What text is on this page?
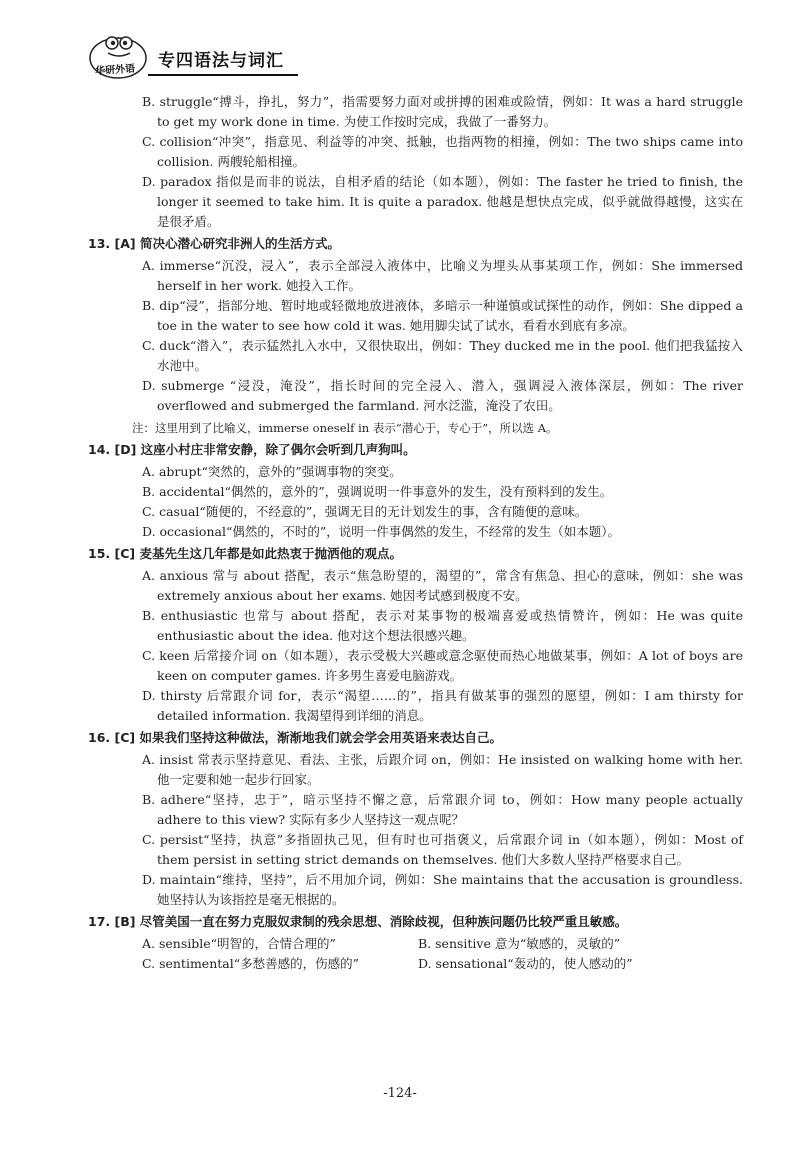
华研外语 专四语法与词汇

B. struggle“搏斗，挣扎，努力”，指需要努力面对或拼搏的困难或险情，例如：It was a hard struggle to get my work done in time. 为使工作按时完成，我做了一番努力。

C. collision“冲突”，指意见、利益等的冲突、抵触，也指两物的相撞，例如：The two ships came into collision. 两艘轮船相撞。

D. paradox 指似是而非的说法，自相矛盾的结论（如本题），例如：The faster he tried to finish, the longer it seemed to take him. It is quite a paradox. 他越是想快点完成，似乎就做得越慢，这实在是很矛盾。

13. [A] 简决心潜心研究非洲人的生活方式。

A. immerse“沉没，浸入”，表示全部浸入液体中，比喻义为埋头从事某项工作，例如：She immersed herself in her work. 她投入工作。

B. dip“浸”，指部分地、暂时地或轻微地放进液体，多暗示一种谨慎或试探性的动作，例如：She dipped a toe in the water to see how cold it was. 她用脚尖试了试水，看看水到底有多凉。

C. duck“潜入”，表示猛然扎入水中，又很快取出，例如：They ducked me in the pool. 他们把我猛按入水池中。

D. submerge “浸没，淹没”，指长时间的完全浸入、潜入，强调浸入液体深层，例如：The river overflowed and submerged the farmland. 河水泛滥，淹没了农田。

注：这里用到了比喻义，immerse oneself in 表示“潜心于，专心于”，所以选 A。

14. [D] 这座小村庄非常安静，除了偶尔会听到几声狗叫。

A. abrupt“突然的，意外的”强调事物的突变。

B. accidental“偶然的，意外的”，强调说明一件事意外的发生，没有预料到的发生。

C. casual“随便的，不经意的”，强调无目的无计划发生的事，含有随便的意味。

D. occasional“偶然的，不时的”，说明一件事偶然的发生，不经常的发生（如本题）。

15. [C] 麦基先生这几年都是如此热衷于抛洒他的观点。

A. anxious 常与 about 搭配，表示“焦急盼望的，渴望的”，常含有焦急、担心的意味，例如：she was extremely anxious about her exams. 她因考试感到极度不安。

B. enthusiastic 也常与 about 搭配，表示对某事物的极端喜爱或热情赞许，例如：He was quite enthusiastic about the idea. 他对这个想法很感兴趣。

C. keen 后常接介词 on（如本题），表示受极大兴趣或意念驱使而热心地做某事，例如：A lot of boys are keen on computer games. 许多男生喜爱电脑游戏。

D. thirsty 后常跟介词 for，表示“渴望……的”，指具有做某事的强烈的愿望，例如：I am thirsty for detailed information. 我渴望得到详细的消息。

16. [C] 如果我们坚持这种做法，渐渐地我们就会学会用英语来表达自己。

A. insist 常表示坚持意见、看法、主张，后跟介词 on，例如：He insisted on walking home with her. 他一定要和她一起步行回家。

B. adhere“坚持，忠于”，暗示坚持不懈之意，后常跟介词 to，例如：How many people actually adhere to this view? 实际有多少人坚持这一观点呢？

C. persist“坚持，执意”多指固执己见，但有时也可指褒义，后常跟介词 in（如本题），例如：Most of them persist in setting strict demands on themselves. 他们大多数人坚持严格要求自己。

D. maintain“维持，坚持”，后不用加介词，例如：She maintains that the accusation is groundless. 她坚持认为该指控是毫无根据的。

17. [B] 尽管美国一直在努力克服奴隶制的残余思想、消除歧视，但种族问题仍比较严重且敏感。
A. sensible“明智的，合情合理的”	B. sensitive 意为“敏感的，灵敏的”
C. sentimental“多愁善感的，伤感的”	D. sensational“轰动的，使人感动的”
-124-
